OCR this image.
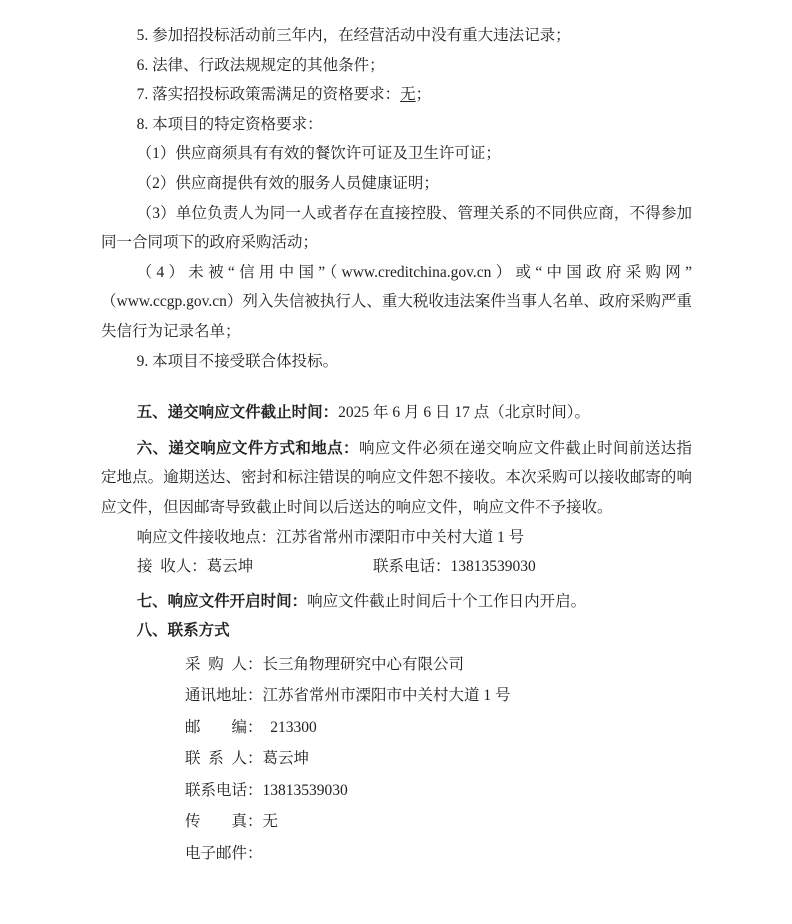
5. 参加招投标活动前三年内，在经营活动中没有重大违法记录；

6. 法律、行政法规规定的其他条件；

7. 落实招投标政策需满足的资格要求：无；

8. 本项目的特定资格要求：

（1）供应商须具有有效的餐饮许可证及卫生许可证；

（2）供应商提供有效的服务人员健康证明；

（3）单位负责人为同一人或者存在直接控股、管理关系的不同供应商，不得参加同一合同项下的政府采购活动；

（4）未被“信用中国”（www.creditchina.gov.cn）或“中国政府采购网”（www.ccgp.gov.cn）列入失信被执行人、重大税收违法案件当事人名单、政府采购严重失信行为记录名单；

9. 本项目不接受联合体投标。

五、递交响应文件截止时间：2025 年 6 月 6 日 17 点（北京时间）。

六、递交响应文件方式和地点：响应文件必须在递交响应文件截止时间前送达指定地点。逾期送达、密封和标注错误的响应文件恕不接收。本次采购可以接收邮寄的响应文件，但因邮寄导致截止时间以后送达的响应文件，响应文件不予接收。

响应文件接收地点：江苏省常州市溧阳市中关村大道 1 号

接 收人：葛云坤	联系电话：13813539030

七、响应文件开启时间：响应文件截止时间后十个工作日内开启。

八、联系方式

采 购 人：长三角物理研究中心有限公司

通讯地址：江苏省常州市溧阳市中关村大道 1 号

邮　　编： 213300

联 系 人：葛云坤

联系电话：13813539030

传　　真：无

电子邮件：
